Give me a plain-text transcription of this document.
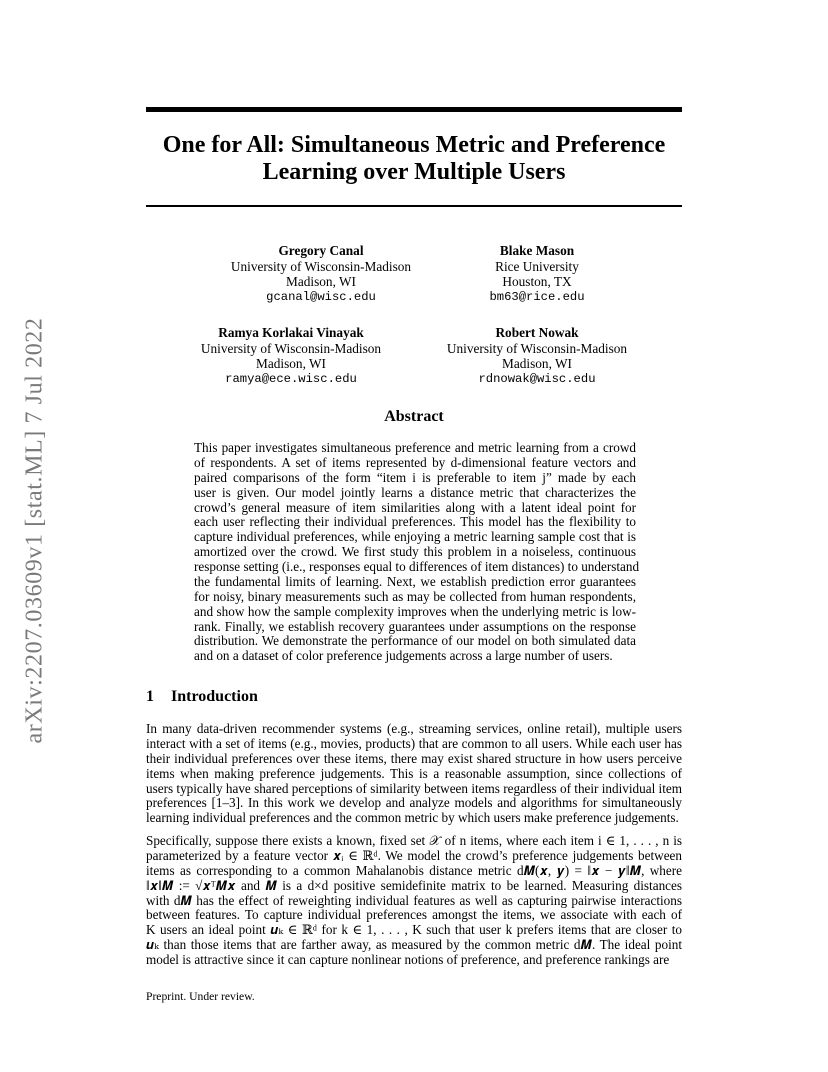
arXiv:2207.03609v1 [stat.ML] 7 Jul 2022
One for All: Simultaneous Metric and Preference
Learning over Multiple Users
Gregory Canal
University of Wisconsin-Madison
Madison, WI
gcanal@wisc.edu
Blake Mason
Rice University
Houston, TX
bm63@rice.edu
Ramya Korlakai Vinayak
University of Wisconsin-Madison
Madison, WI
ramya@ece.wisc.edu
Robert Nowak
University of Wisconsin-Madison
Madison, WI
rdnowak@wisc.edu
Abstract
This paper investigates simultaneous preference and metric learning from a crowd
of respondents. A set of items represented by d-dimensional feature vectors and
paired comparisons of the form “item i is preferable to item j” made by each
user is given. Our model jointly learns a distance metric that characterizes the
crowd’s general measure of item similarities along with a latent ideal point for
each user reflecting their individual preferences. This model has the flexibility to
capture individual preferences, while enjoying a metric learning sample cost that is
amortized over the crowd. We first study this problem in a noiseless, continuous
response setting (i.e., responses equal to differences of item distances) to understand
the fundamental limits of learning. Next, we establish prediction error guarantees
for noisy, binary measurements such as may be collected from human respondents,
and show how the sample complexity improves when the underlying metric is low-
rank. Finally, we establish recovery guarantees under assumptions on the response
distribution. We demonstrate the performance of our model on both simulated data
and on a dataset of color preference judgements across a large number of users.
1 Introduction
In many data-driven recommender systems (e.g., streaming services, online retail), multiple users
interact with a set of items (e.g., movies, products) that are common to all users. While each user has
their individual preferences over these items, there may exist shared structure in how users perceive
items when making preference judgements. This is a reasonable assumption, since collections of
users typically have shared perceptions of similarity between items regardless of their individual item
preferences [1–3]. In this work we develop and analyze models and algorithms for simultaneously
learning individual preferences and the common metric by which users make preference judgements.
Specifically, suppose there exists a known, fixed set 𝒳 of n items, where each item i ∈ 1, . . . , n is
parameterized by a feature vector 𝒙ᵢ ∈ ℝᵈ. We model the crowd’s preference judgements between
items as corresponding to a common Mahalanobis distance metric d𝑴(𝒙, 𝒚) = ‖𝒙 − 𝒚‖𝑴, where
‖𝒙‖𝑴 := √𝒙ᵀ𝑴𝒙 and 𝑴 is a d×d positive semidefinite matrix to be learned. Measuring distances
with d𝑴 has the effect of reweighting individual features as well as capturing pairwise interactions
between features. To capture individual preferences amongst the items, we associate with each of
K users an ideal point 𝒖ₖ ∈ ℝᵈ for k ∈ 1, . . . , K such that user k prefers items that are closer to
𝒖ₖ than those items that are farther away, as measured by the common metric d𝑴. The ideal point
model is attractive since it can capture nonlinear notions of preference, and preference rankings are
Preprint. Under review.
